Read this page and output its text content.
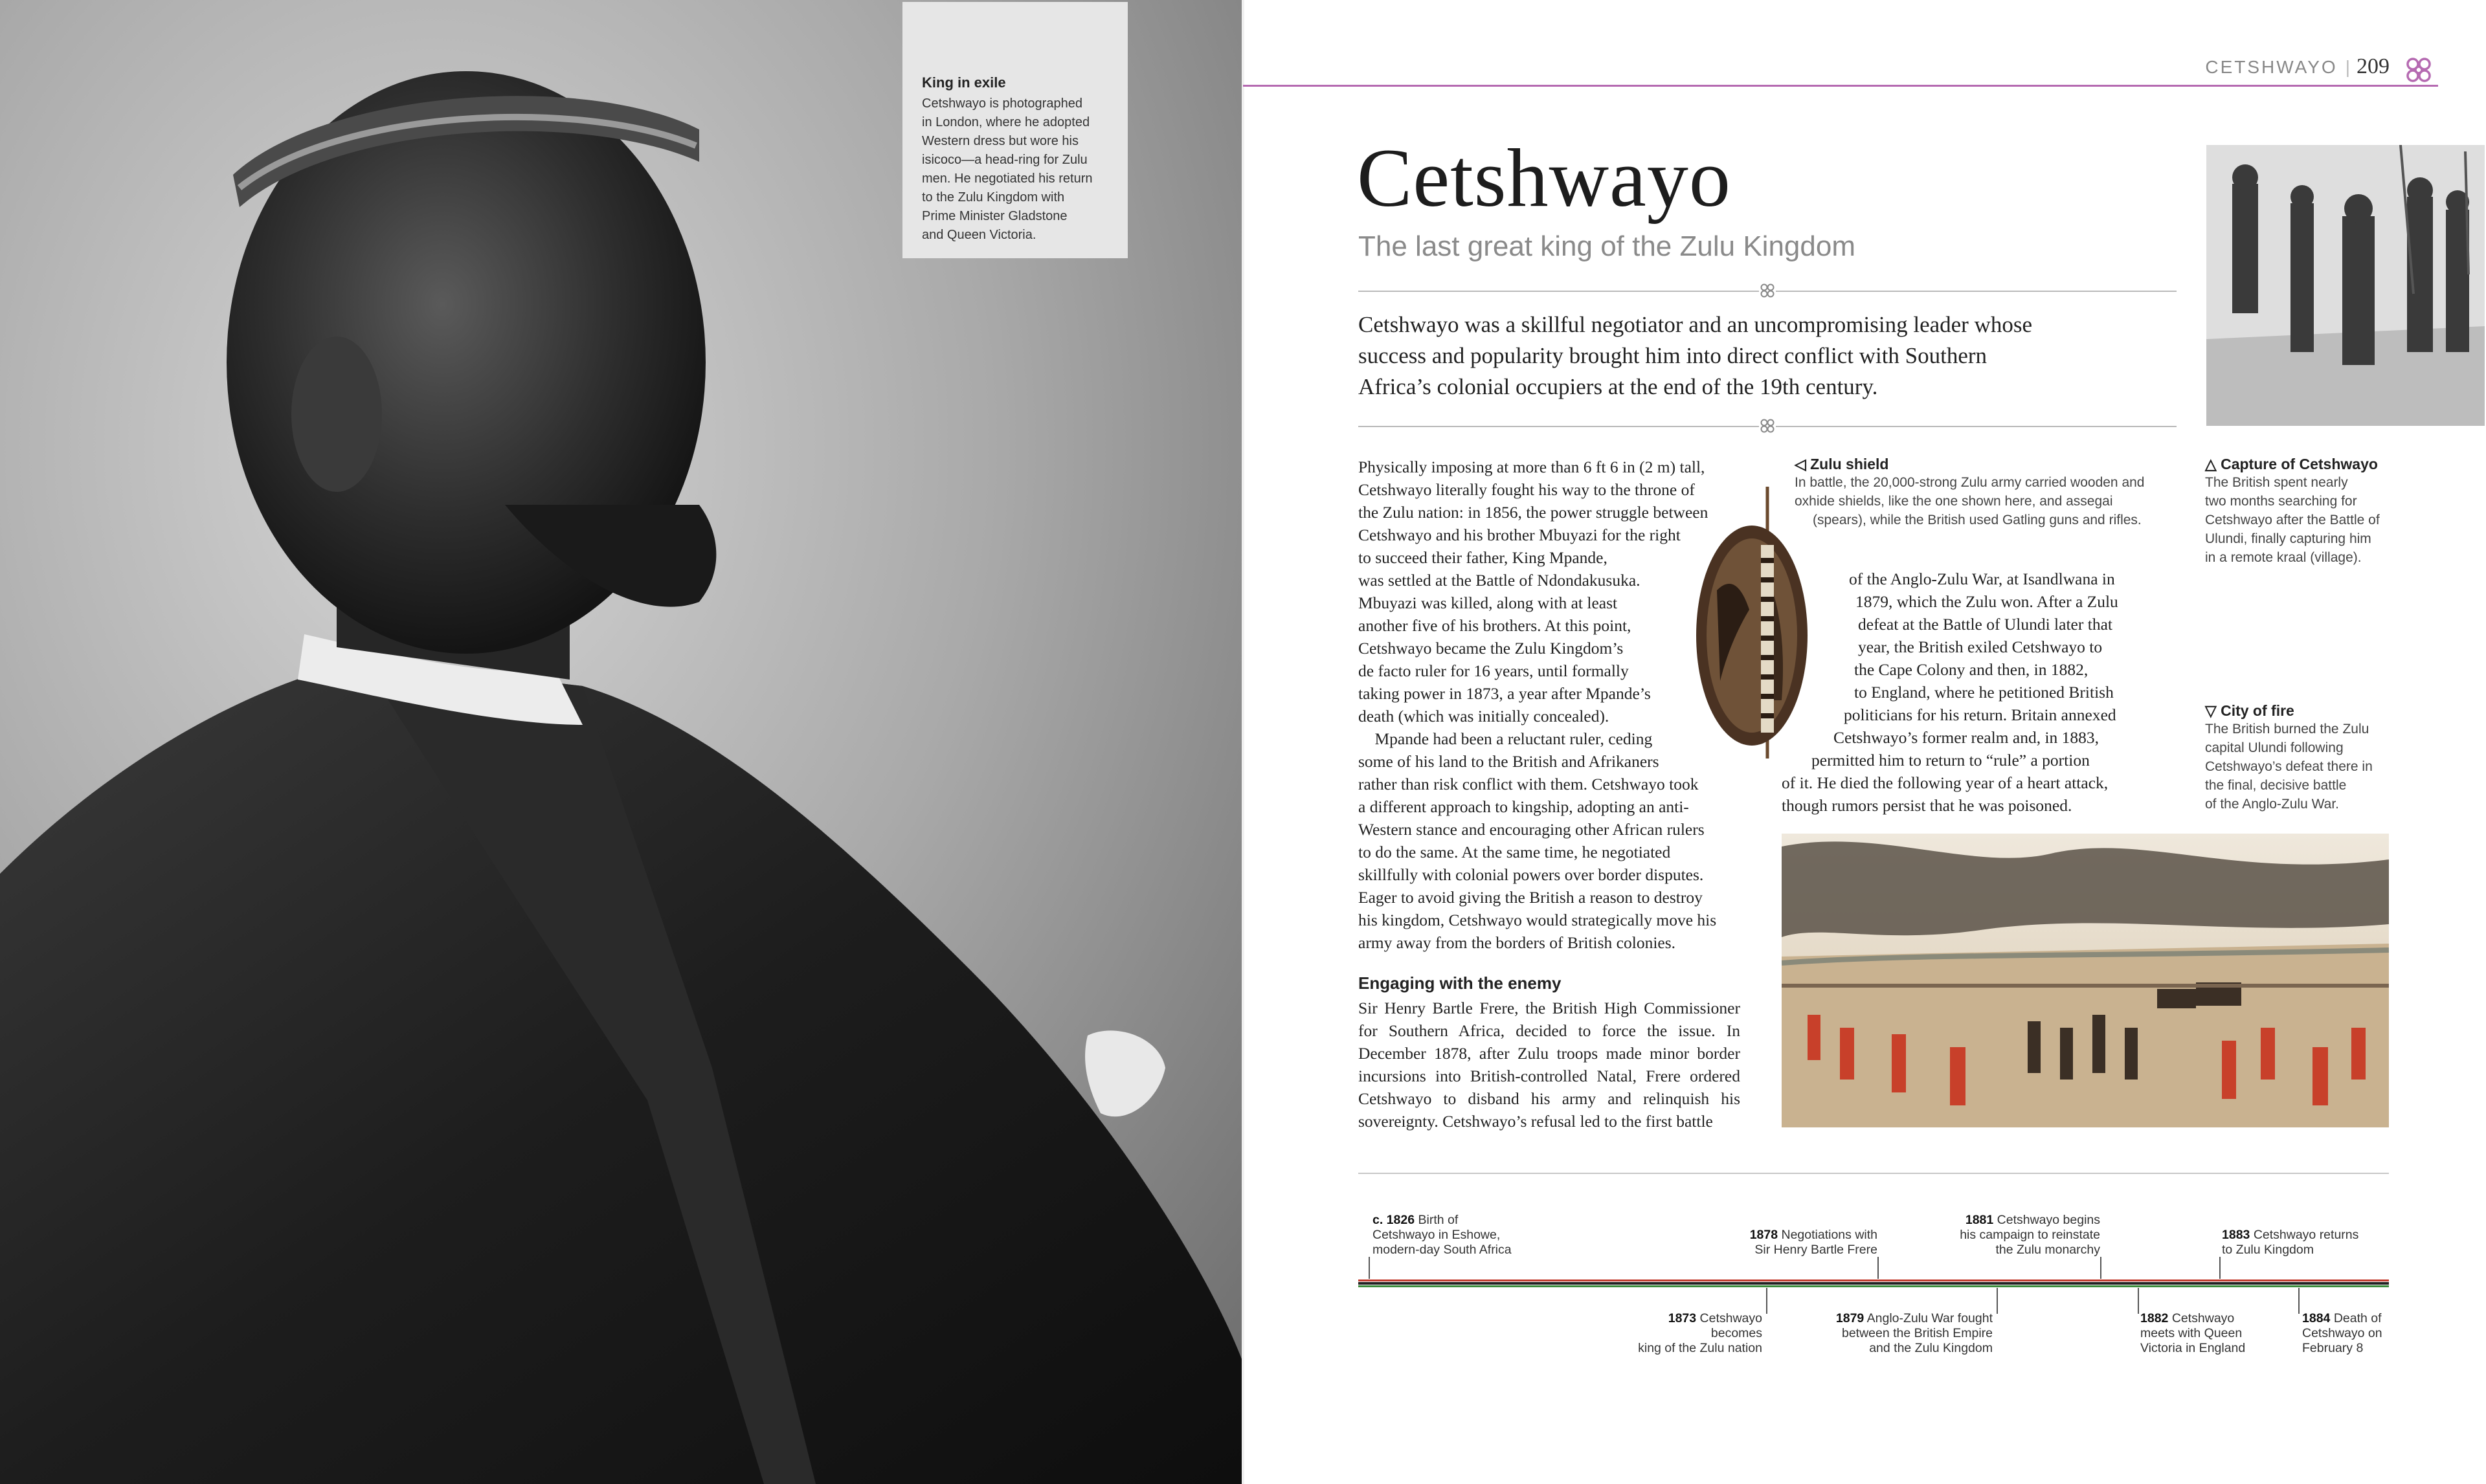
King in exile
Cetshwayo is photographed
in London, where he adopted
Western dress but wore his
isicoco—a head-ring for Zulu
men. He negotiated his return
to the Zulu Kingdom with
Prime Minister Gladstone
and Queen Victoria.
CETSHWAYO | 209
Cetshwayo
The last great king of the Zulu Kingdom
Cetshwayo was a skillful negotiator and an uncompromising leader whose
success and popularity brought him into direct conflict with Southern
Africa’s colonial occupiers at the end of the 19th century.
Physically imposing at more than 6 ft 6 in (2 m) tall,
Cetshwayo literally fought his way to the throne of
the Zulu nation: in 1856, the power struggle between
Cetshwayo and his brother Mbuyazi for the right
to succeed their father, King Mpande,
was settled at the Battle of Ndondakusuka.
Mbuyazi was killed, along with at least
another five of his brothers. At this point,
Cetshwayo became the Zulu Kingdom’s
de facto ruler for 16 years, until formally
taking power in 1873, a year after Mpande’s
death (which was initially concealed).
 Mpande had been a reluctant ruler, ceding
some of his land to the British and Afrikaners
rather than risk conflict with them. Cetshwayo took
a different approach to kingship, adopting an anti-
Western stance and encouraging other African rulers
to do the same. At the same time, he negotiated
skillfully with colonial powers over border disputes.
Eager to avoid giving the British a reason to destroy
his kingdom, Cetshwayo would strategically move his
army away from the borders of British colonies.
Engaging with the enemy
Sir Henry Bartle Frere, the British High Commissioner for Southern Africa, decided to force the issue. In December 1878, after Zulu troops made minor border incursions into British-controlled Natal, Frere ordered Cetshwayo to disband his army and relinquish his sovereignty. Cetshwayo’s refusal led to the first battle
◁ Zulu shield
In battle, the 20,000-strong Zulu army carried wooden and
oxhide shields, like the one shown here, and assegai
(spears), while the British used Gatling guns and rifles.
of the Anglo-Zulu War, at Isandlwana in
1879, which the Zulu won. After a Zulu
defeat at the Battle of Ulundi later that
year, the British exiled Cetshwayo to
the Cape Colony and then, in 1882,
to England, where he petitioned British
politicians for his return. Britain annexed
Cetshwayo’s former realm and, in 1883,
permitted him to return to “rule” a portion
of it. He died the following year of a heart attack,
though rumors persist that he was poisoned.
△ Capture of Cetshwayo
The British spent nearly
two months searching for
Cetshwayo after the Battle of
Ulundi, finally capturing him
in a remote kraal (village).
▽ City of fire
The British burned the Zulu
capital Ulundi following
Cetshwayo’s defeat there in
the final, decisive battle
of the Anglo-Zulu War.
c. 1826 Birth of
Cetshwayo in Eshowe,
modern-day South Africa
1878 Negotiations with
Sir Henry Bartle Frere
1881 Cetshwayo begins
his campaign to reinstate
the Zulu monarchy
1883 Cetshwayo returns
to Zulu Kingdom
1873 Cetshwayo becomes
king of the Zulu nation
1879 Anglo-Zulu War fought
between the British Empire
and the Zulu Kingdom
1882 Cetshwayo
meets with Queen
Victoria in England
1884 Death of
Cetshwayo on
February 8
